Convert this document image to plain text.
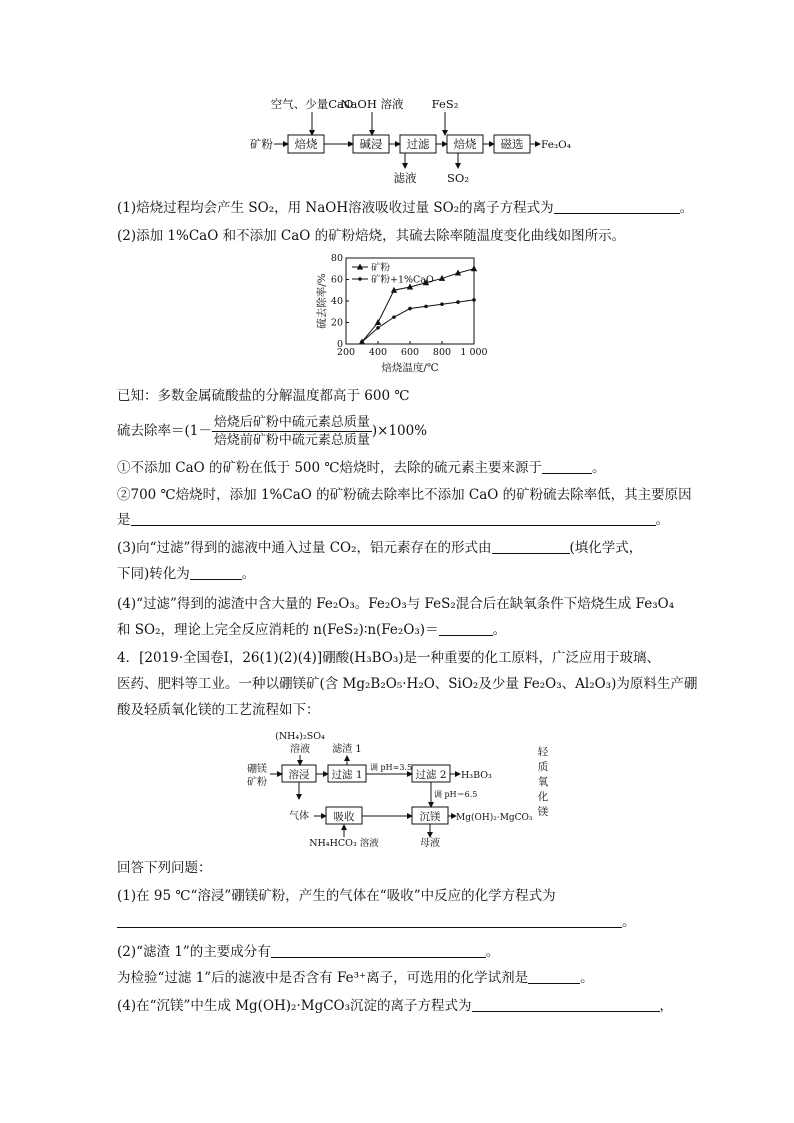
空气、少量CaO
NaOH 溶液 FeS₂
矿粉 焙烧	碱浸 过滤 焙烧 磁选 Fe₃O₄
滤液	SO₂
(1)焙烧过程均会产生 SO₂，用 NaOH溶液吸收过量 SO₂的离子方程式为	。
(2)添加 1%CaO 和不添加 CaO 的矿粉焙烧，其硫去除率随温度变化曲线如图所示。
0
20
40
60
80
200 400 600 800 1 000
焙烧温度/℃
硫去除率/%
矿粉
矿粉+1%CaO
已知：多数金属硫酸盐的分解温度都高于 600 ℃
硫去除率$=(1- \frac{\text{焙烧后矿粉中硫元素总质量}}{\text{焙烧前矿粉中硫元素总质量}} )\times 100\%$
①不添加 CaO 的矿粉在低于 500 ℃焙烧时，去除的硫元素主要来源于	。
②700 ℃焙烧时，添加 1%CaO 的矿粉硫去除率比不添加 CaO 的矿粉硫去除率低，其主要原因
是	。
(3)向“过滤”得到的滤液中通入过量 CO₂，铝元素存在的形式由	(填化学式，
下同)转化为	。
(4)“过滤”得到的滤渣中含大量的 Fe₂O₃。Fe₂O₃与 FeS₂混合后在缺氧条件下焙烧生成 Fe₃O₄
和 SO₂，理论上完全反应消耗的 n(FeS₂)∶n(Fe₂O₃)＝	。
4．[2019·全国卷Ⅰ，26(1)(2)(4)]硼酸(H₃BO₃)是一种重要的化工原料，广泛应用于玻璃、
医药、肥料等工业。一种以硼镁矿(含 Mg₂B₂O₅·H₂O、SiO₂及少量 Fe₂O₃、Al₂O₃)为原料生产硼
酸及轻质氧化镁的工艺流程如下：
(NH₄)₂SO₄
溶液 滤渣 1
硼镁
矿粉
溶浸 过滤 1
调 pH≈3.5
过滤 2 H₃BO₃
调 pH＝6.5
气体 吸收	沉镁 Mg(OH)₂·MgCO₃
NH₄HCO₃ 溶液	母液
轻
质
氧
化
镁
回答下列问题：
(1)在 95 ℃“溶浸”硼镁矿粉，产生的气体在“吸收”中反应的化学方程式为
。
(2)“滤渣 1”的主要成分有	。
为检验“过滤 1”后的滤液中是否含有 Fe³⁺离子，可选用的化学试剂是	。
(4)在“沉镁”中生成 Mg(OH)₂·MgCO₃沉淀的离子方程式为	，
